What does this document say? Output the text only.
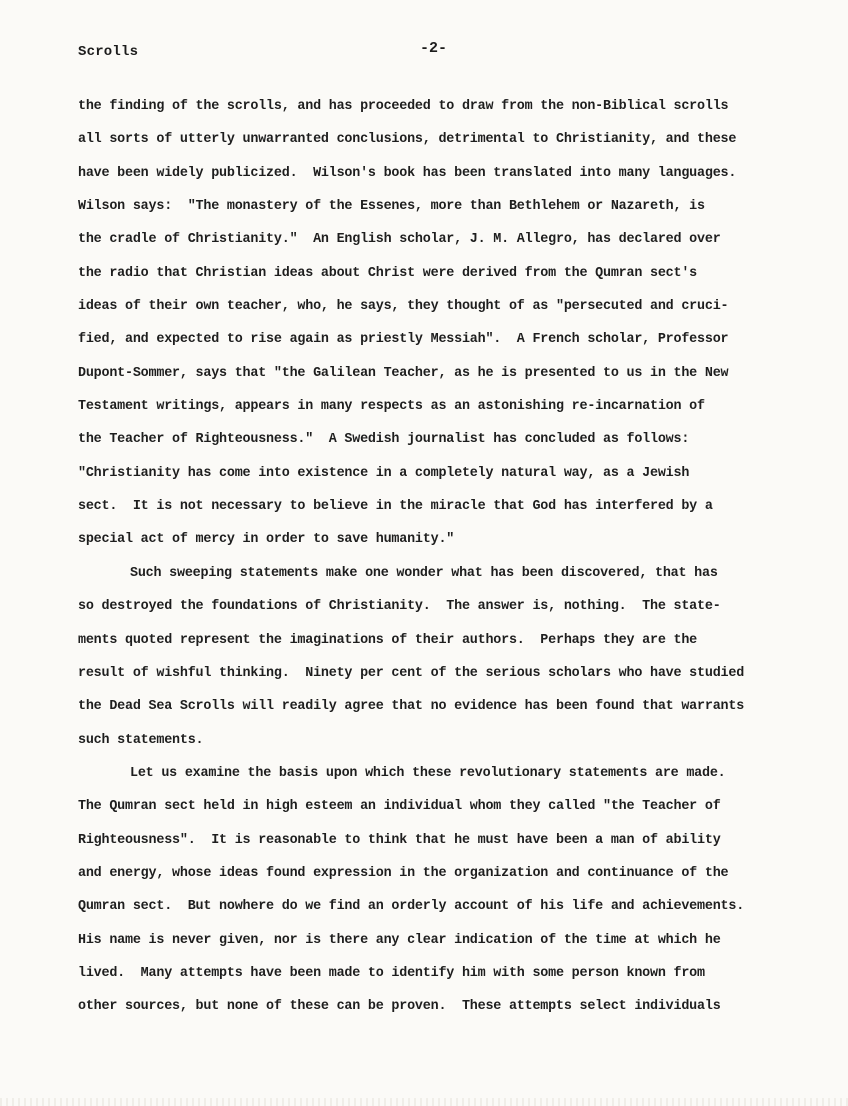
Scrolls	-2-
the finding of the scrolls, and has proceeded to draw from the non-Biblical scrolls
all sorts of utterly unwarranted conclusions, detrimental to Christianity, and these
have been widely publicized.  Wilson's book has been translated into many languages.
Wilson says:  "The monastery of the Essenes, more than Bethlehem or Nazareth, is
the cradle of Christianity."  An English scholar, J. M. Allegro, has declared over
the radio that Christian ideas about Christ were derived from the Qumran sect's
ideas of their own teacher, who, he says, they thought of as "persecuted and cruci-
fied, and expected to rise again as priestly Messiah".  A French scholar, Professor
Dupont-Sommer, says that "the Galilean Teacher, as he is presented to us in the New
Testament writings, appears in many respects as an astonishing re-incarnation of
the Teacher of Righteousness."  A Swedish journalist has concluded as follows:
"Christianity has come into existence in a completely natural way, as a Jewish
sect.  It is not necessary to believe in the miracle that God has interfered by a
special act of mercy in order to save humanity."
Such sweeping statements make one wonder what has been discovered, that has
so destroyed the foundations of Christianity.  The answer is, nothing.  The state-
ments quoted represent the imaginations of their authors.  Perhaps they are the
result of wishful thinking.  Ninety per cent of the serious scholars who have studied
the Dead Sea Scrolls will readily agree that no evidence has been found that warrants
such statements.
Let us examine the basis upon which these revolutionary statements are made.
The Qumran sect held in high esteem an individual whom they called "the Teacher of
Righteousness".  It is reasonable to think that he must have been a man of ability
and energy, whose ideas found expression in the organization and continuance of the
Qumran sect.  But nowhere do we find an orderly account of his life and achievements.
His name is never given, nor is there any clear indication of the time at which he
lived.  Many attempts have been made to identify him with some person known from
other sources, but none of these can be proven.  These attempts select individuals
